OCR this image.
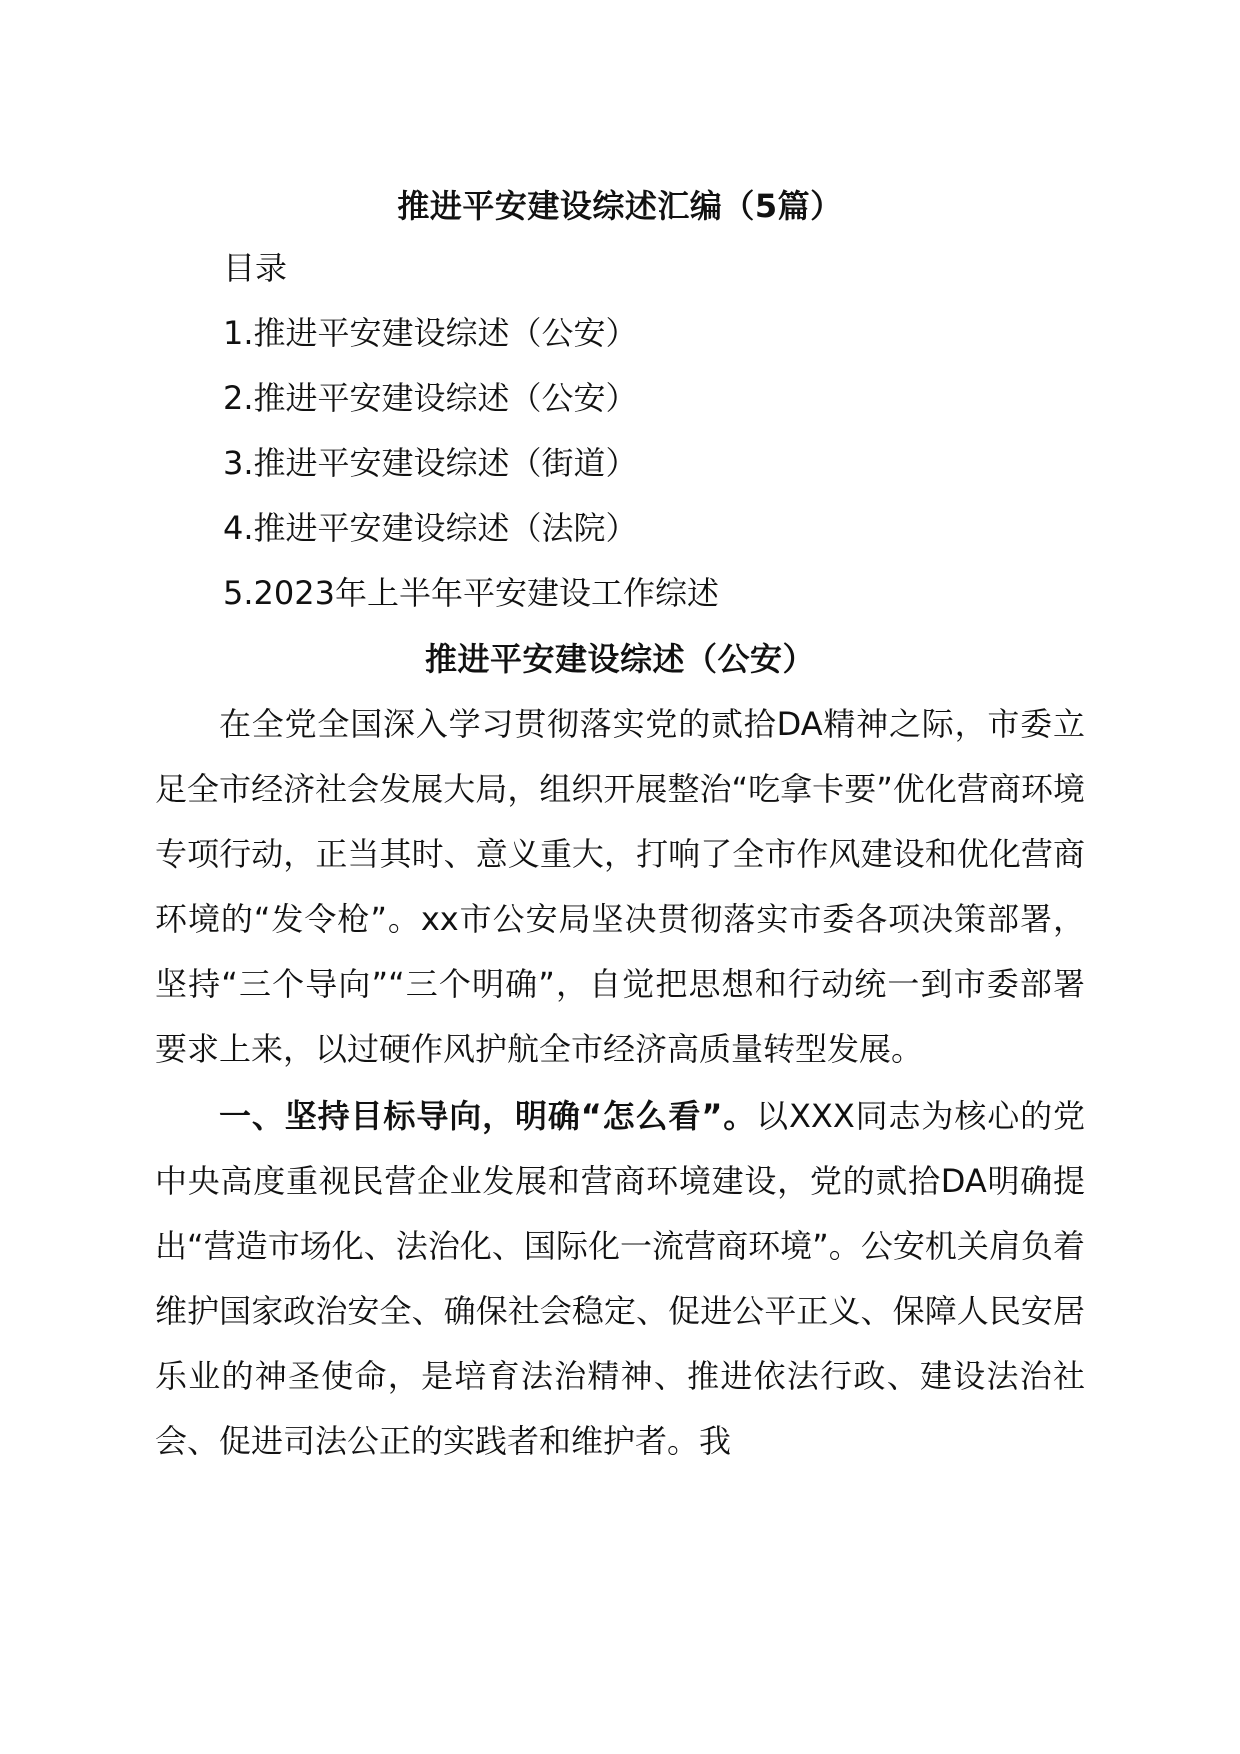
推进平安建设综述汇编（5篇）

目录

1.推进平安建设综述（公安）

2.推进平安建设综述（公安）

3.推进平安建设综述（街道）

4.推进平安建设综述（法院）

5.2023年上半年平安建设工作综述

推进平安建设综述（公安）

在全党全国深入学习贯彻落实党的贰拾DA精神之际，市委立足全市经济社会发展大局，组织开展整治“吃拿卡要”优化营商环境专项行动，正当其时、意义重大，打响了全市作风建设和优化营商环境的“发令枪”。xx市公安局坚决贯彻落实市委各项决策部署，坚持“三个导向”“三个明确”，自觉把思想和行动统一到市委部署要求上来，以过硬作风护航全市经济高质量转型发展。

一、坚持目标导向，明确“怎么看”。以XXX同志为核心的党中央高度重视民营企业发展和营商环境建设，党的贰拾DA明确提出“营造市场化、法治化、国际化一流营商环境”。公安机关肩负着维护国家政治安全、确保社会稳定、促进公平正义、保障人民安居乐业的神圣使命，是培育法治精神、推进依法行政、建设法治社会、促进司法公正的实践者和维护者。我
